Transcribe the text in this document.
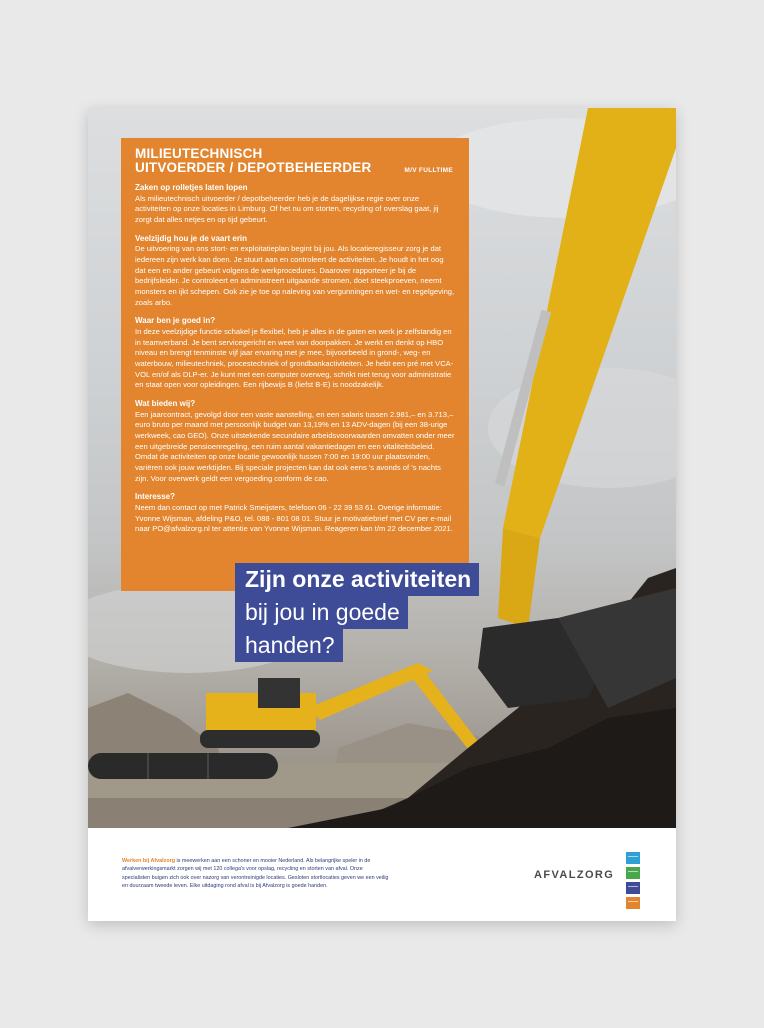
MILIEUTECHNISCH
UITVOERDER / DEPOTBEHEERDER	M/V FULLTIME
Zaken op rolletjes laten lopen
Als milieutechnisch uitvoerder / depotbeheerder heb je de dagelijkse regie over onze activiteiten op onze locaties in Limburg. Of het nu om storten, recycling of overslag gaat, jij zorgt dat alles netjes en op tijd gebeurt.
Veelzijdig hou je de vaart erin
De uitvoering van ons stort- en exploitatieplan begint bij jou. Als locatieregisseur zorg je dat iedereen zijn werk kan doen. Je stuurt aan en controleert de activiteiten. Je houdt in het oog dat een en ander gebeurt volgens de werkprocedures. Daarover rapporteer je bij de bedrijfsleider. Je controleert en administreert uitgaande stromen, doet steekproeven, neemt monsters en ijkt schepen. Ook zie je toe op naleving van vergunningen en wet- en regelgeving, zoals arbo.
Waar ben je goed in?
In deze veelzijdige functie schakel je flexibel, heb je alles in de gaten en werk je zelfstandig en in teamverband. Je bent servicegericht en weet van doorpakken. Je werkt en denkt op HBO niveau en brengt tenminste vijf jaar ervaring met je mee, bijvoorbeeld in grond-, weg- en waterbouw, milieutechniek, procestechniek of grondbankactiviteiten. Je hebt een pré met VCA-VOL en/of als DLP-er. Je kunt met een computer overweg, schrikt niet terug voor administratie en staat open voor opleidingen. Een rijbewijs B (liefst B-E) is noodzakelijk.
Wat bieden wij?
Een jaarcontract, gevolgd door een vaste aanstelling, en een salaris tussen 2.981,– en 3.713,– euro bruto per maand met persoonlijk budget van 13,19% en 13 ADV-dagen (bij een 38-urige werkweek, cao GEO). Onze uitstekende secundaire arbeidsvoorwaarden omvatten onder meer een uitgebreide pensioenregeling, een ruim aantal vakantiedagen en een vitaliteitsbeleid. Omdat de activiteiten op onze locatie gewoonlijk tussen 7:00 en 19:00 uur plaatsvinden, variëren ook jouw werktijden. Bij speciale projecten kan dat ook eens 's avonds of 's nachts zijn. Voor overwerk geldt een vergoeding conform de cao.
Interesse?
Neem dan contact op met Patrick Smeijsters, telefoon 06 - 22 39 53 61. Overige informatie: Yvonne Wijsman, afdeling P&O, tel. 088 - 801 08 01. Stuur je motivatiebrief met CV per e-mail naar PO@afvalzorg.nl ter attentie van Yvonne Wijsman. Reageren kan t/m 22 december 2021.
Zijn onze activiteiten
bij jou in goede
handen?
Werken bij Afvalzorg is meewerken aan een schoner en mooier Nederland. Als belangrijke speler in de afvalverwerkingsmarkt zorgen wij met 120 collega's voor opslag, recycling en storten van afval. Onze specialisten buigen zich ook over nazorg van verontreinigde locaties. Gesloten stortlocaties geven we een veilig en duurzaam tweede leven. Elke uitdaging rond afval is bij Afvalzorg is goede handen.
AFVALZORG
